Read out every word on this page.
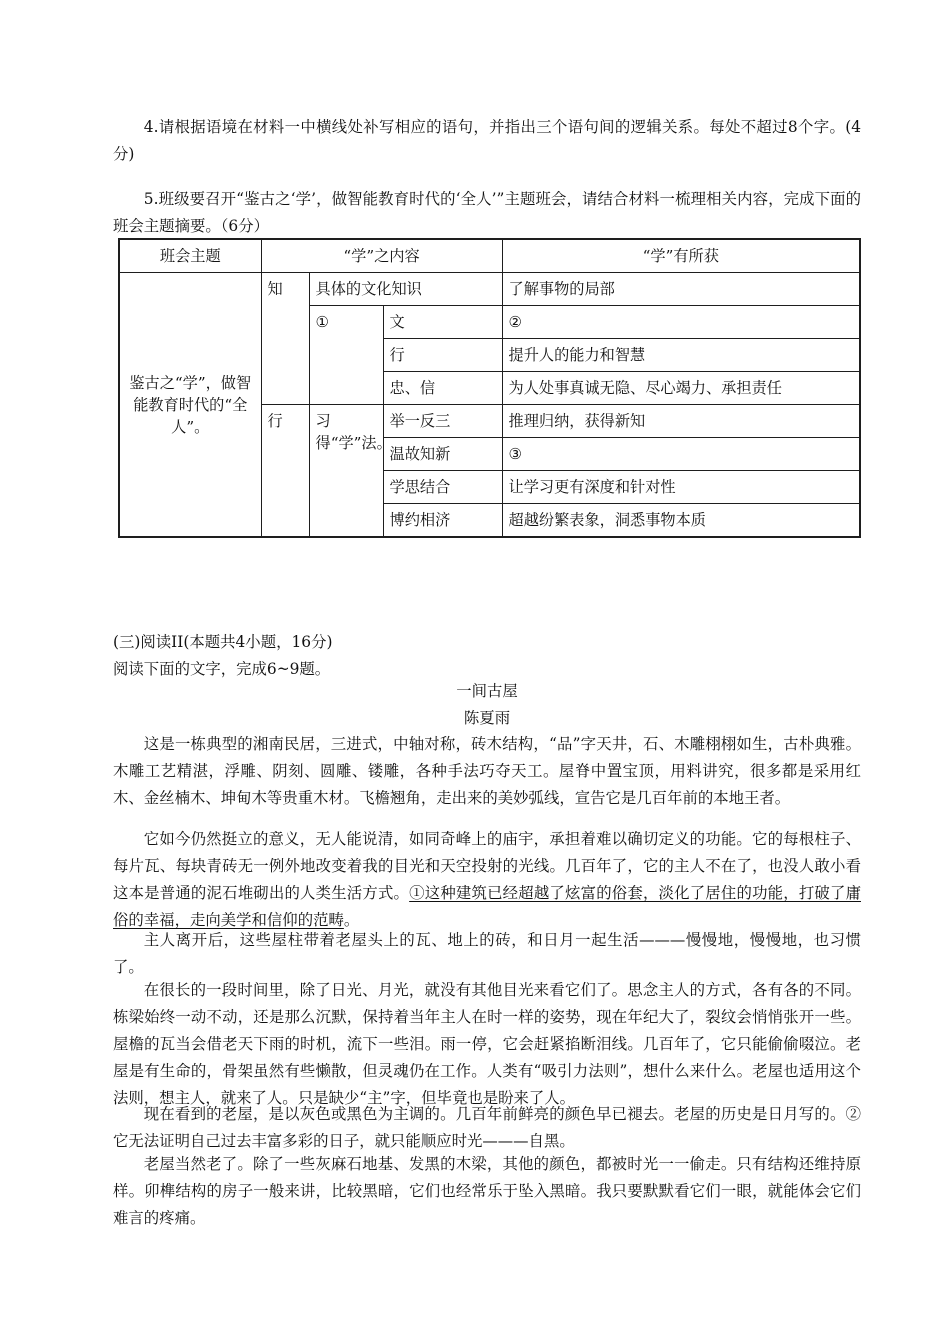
4.请根据语境在材料一中横线处补写相应的语句，并指出三个语句间的逻辑关系。每处不超过8个字。(4分)

5.班级要召开“鉴古之‘学’，做智能教育时代的‘全人’”主题班会，请结合材料一梳理相关内容，完成下面的班会主题摘要。（6分）

班会主题	“学”之内容			“学”有所获
鉴古之“学”，做智能教育时代的“全人”。	知	具体的文化知识		了解事物的局部
		①	文	②
			行	提升人的能力和智慧
			忠、信	为人处事真诚无隐、尽心竭力、承担责任
	行	习得“学”法。	举一反三	推理归纳，获得新知
			温故知新	③
			学思结合	让学习更有深度和针对性
			博约相济	超越纷繁表象，洞悉事物本质

(三)阅读II(本题共4小题，16分)

阅读下面的文字，完成6~9题。

一间古屋

陈夏雨

这是一栋典型的湘南民居，三进式，中轴对称，砖木结构，“品”字天井，石、木雕栩栩如生，古朴典雅。木雕工艺精湛，浮雕、阴刻、圆雕、镂雕，各种手法巧夺天工。屋脊中置宝顶，用料讲究，很多都是采用红木、金丝楠木、坤甸木等贵重木材。飞檐翘角，走出来的美妙弧线，宣告它是几百年前的本地王者。

它如今仍然挺立的意义，无人能说清，如同奇峰上的庙宇，承担着难以确切定义的功能。它的每根柱子、每片瓦、每块青砖无一例外地改变着我的目光和天空投射的光线。几百年了，它的主人不在了，也没人敢小看这本是普通的泥石堆砌出的人类生活方式。①这种建筑已经超越了炫富的俗套，淡化了居住的功能，打破了庸俗的幸福，走向美学和信仰的范畴。

主人离开后，这些屋柱带着老屋头上的瓦、地上的砖，和日月一起生活———慢慢地，慢慢地，也习惯了。

在很长的一段时间里，除了日光、月光，就没有其他目光来看它们了。思念主人的方式，各有各的不同。栋梁始终一动不动，还是那么沉默，保持着当年主人在时一样的姿势，现在年纪大了，裂纹会悄悄张开一些。屋檐的瓦当会借老天下雨的时机，流下一些泪。雨一停，它会赶紧掐断泪线。几百年了，它只能偷偷啜泣。老屋是有生命的，骨架虽然有些懒散，但灵魂仍在工作。人类有“吸引力法则”，想什么来什么。老屋也适用这个法则，想主人，就来了人。只是缺少“主”字，但毕竟也是盼来了人。

现在看到的老屋，是以灰色或黑色为主调的。几百年前鲜亮的颜色早已褪去。老屋的历史是日月写的。②它无法证明自己过去丰富多彩的日子，就只能顺应时光———自黑。

老屋当然老了。除了一些灰麻石地基、发黑的木梁，其他的颜色，都被时光一一偷走。只有结构还维持原样。卯榫结构的房子一般来讲，比较黑暗，它们也经常乐于坠入黑暗。我只要默默看它们一眼，就能体会它们难言的疼痛。
